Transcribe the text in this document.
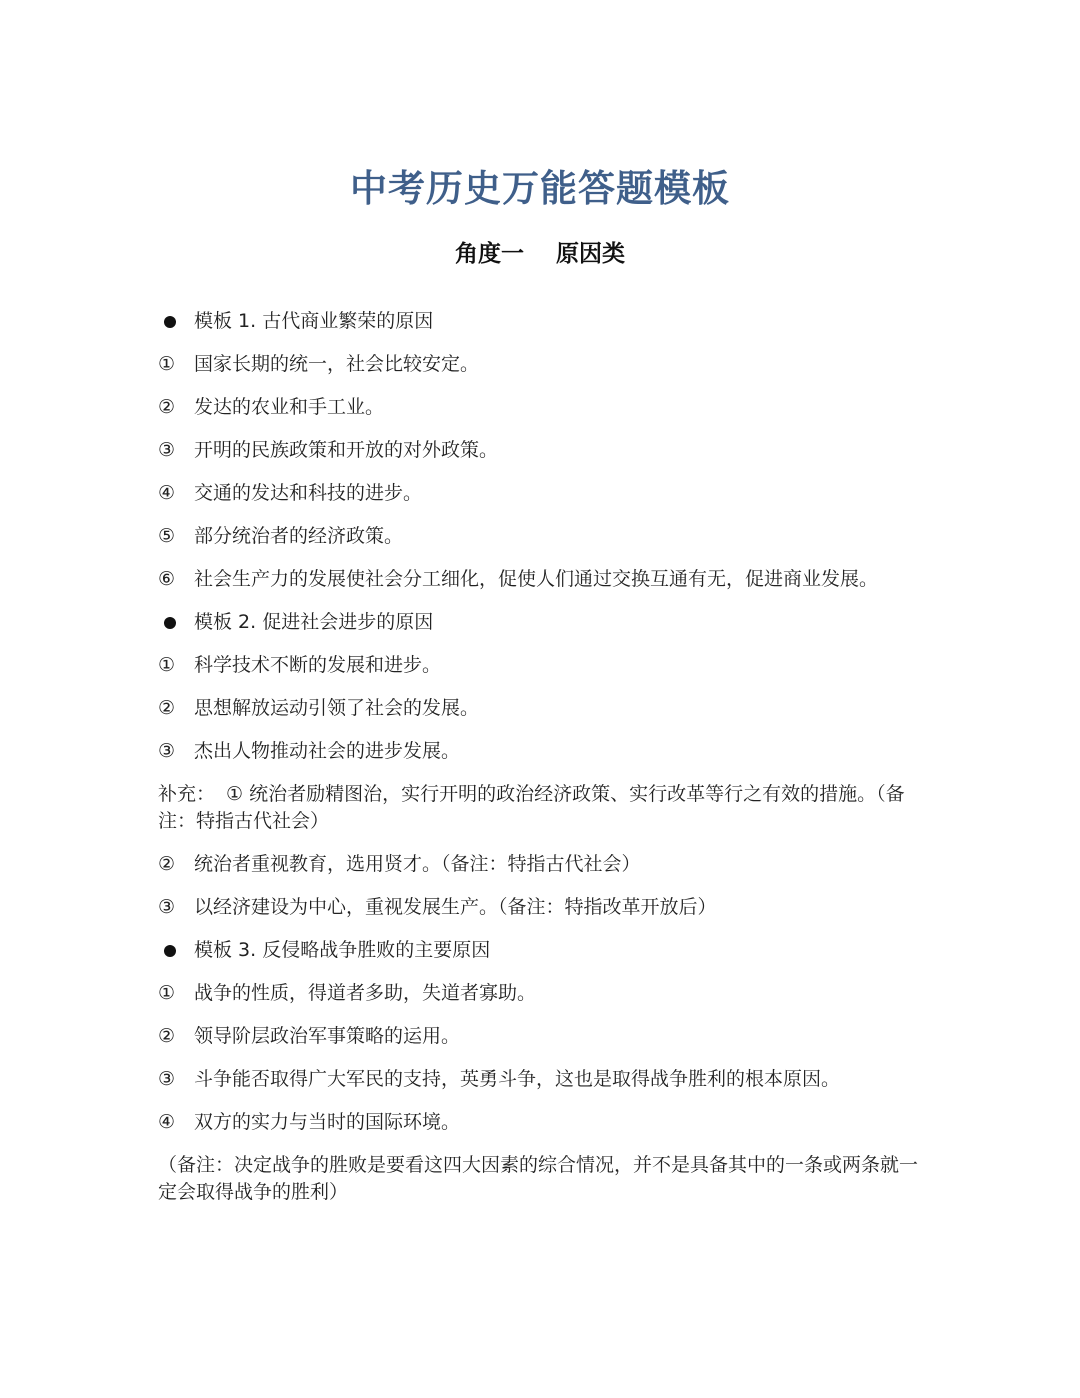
中考历史万能答题模板
角度一    原因类
模板 1. 古代商业繁荣的原因
① 国家长期的统一，社会比较安定。
② 发达的农业和手工业。
③ 开明的民族政策和开放的对外政策。
④ 交通的发达和科技的进步。
⑤ 部分统治者的经济政策。
⑥ 社会生产力的发展使社会分工细化，促使人们通过交换互通有无，促进商业发展。
模板 2. 促进社会进步的原因
① 科学技术不断的发展和进步。
② 思想解放运动引领了社会的发展。
③ 杰出人物推动社会的进步发展。
补充： ① 统治者励精图治，实行开明的政治经济政策、实行改革等行之有效的措施。（备注：特指古代社会）
② 统治者重视教育，选用贤才。（备注：特指古代社会）
③ 以经济建设为中心，重视发展生产。（备注：特指改革开放后）
模板 3. 反侵略战争胜败的主要原因
① 战争的性质，得道者多助，失道者寡助。
② 领导阶层政治军事策略的运用。
③ 斗争能否取得广大军民的支持，英勇斗争，这也是取得战争胜利的根本原因。
④ 双方的实力与当时的国际环境。
（备注：决定战争的胜败是要看这四大因素的综合情况，并不是具备其中的一条或两条就一定会取得战争的胜利）
